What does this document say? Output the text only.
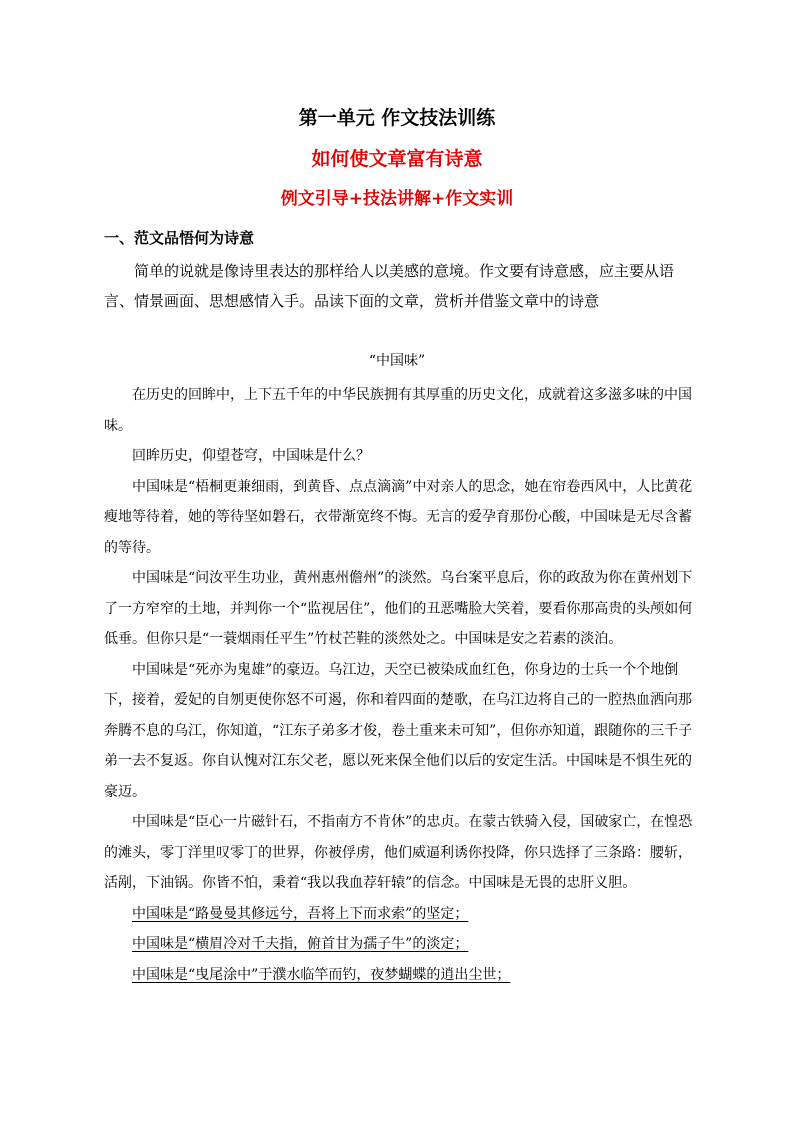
第一单元 作文技法训练
如何使文章富有诗意
例文引导+技法讲解+作文实训
一、范文品悟何为诗意
简单的说就是像诗里表达的那样给人以美感的意境。作文要有诗意感，应主要从语言、情景画面、思想感情入手。品读下面的文章，赏析并借鉴文章中的诗意
“中国味”

在历史的回眸中，上下五千年的中华民族拥有其厚重的历史文化，成就着这多滋多味的中国味。

回眸历史，仰望苍穹，中国味是什么？

中国味是“梧桐更兼细雨，到黄昏、点点滴滴”中对亲人的思念，她在帘卷西风中，人比黄花瘦地等待着，她的等待坚如磐石，衣带渐宽终不悔。无言的爱孕育那份心酸，中国味是无尽含蓄的等待。

中国味是“问汝平生功业，黄州惠州儋州”的淡然。乌台案平息后，你的政敌为你在黄州划下了一方窄窄的土地，并判你一个“监视居住”，他们的丑恶嘴脸大笑着，要看你那高贵的头颅如何低垂。但你只是“一蓑烟雨任平生”竹杖芒鞋的淡然处之。中国味是安之若素的淡泊。

中国味是“死亦为鬼雄”的豪迈。乌江边，天空已被染成血红色，你身边的士兵一个个地倒下，接着，爱妃的自刎更使你怒不可遏，你和着四面的楚歌，在乌江边将自己的一腔热血洒向那奔腾不息的乌江，你知道，“江东子弟多才俊，卷土重来未可知”，但你亦知道，跟随你的三千子弟一去不复返。你自认愧对江东父老，愿以死来保全他们以后的安定生活。中国味是不惧生死的豪迈。

中国味是“臣心一片磁针石，不指南方不肯休”的忠贞。在蒙古铁骑入侵，国破家亡，在惶恐的滩头，零丁洋里叹零丁的世界，你被俘虏，他们威逼利诱你投降，你只选择了三条路：腰斩，活剐，下油锅。你皆不怕，秉着“我以我血荐轩辕”的信念。中国味是无畏的忠肝义胆。

中国味是“路曼曼其修远兮，吾将上下而求索”的坚定；

中国味是“横眉冷对千夫指，俯首甘为孺子牛”的淡定；

中国味是“曳尾涂中”于濮水临竿而钓，夜梦蝴蝶的逍出尘世；
